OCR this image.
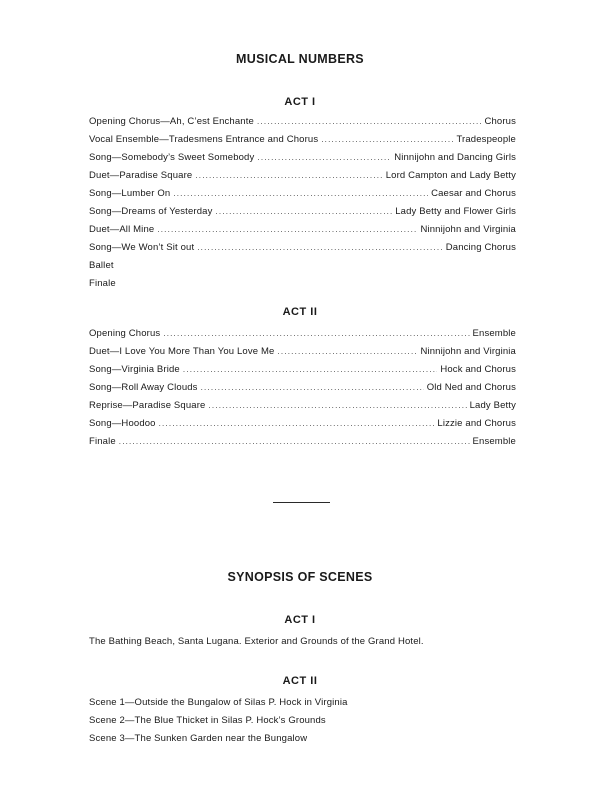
MUSICAL NUMBERS
ACT I
Opening Chorus—Ah, C’est Enchante .....	Chorus
Vocal Ensemble—Tradesmens Entrance and Chorus .....	Tradespeople
Song—Somebody’s Sweet Somebody .....	Ninnijohn and Dancing Girls
Duet—Paradise Square .....	Lord Campton and Lady Betty
Song—Lumber On .....	Caesar and Chorus
Song—Dreams of Yesterday .....	Lady Betty and Flower Girls
Duet—All Mine .....	Ninnijohn and Virginia
Song—We Won’t Sit out .....	Dancing Chorus
Ballet
Finale
ACT II
Opening Chorus .....	Ensemble
Duet—I Love You More Than You Love Me .....	Ninnijohn and Virginia
Song—Virginia Bride .....	Hock and Chorus
Song—Roll Away Clouds .....	Old Ned and Chorus
Reprise—Paradise Square .....	Lady Betty
Song—Hoodoo .....	Lizzie and Chorus
Finale .....	Ensemble
SYNOPSIS OF SCENES
ACT I
The Bathing Beach, Santa Lugana. Exterior and Grounds of the Grand Hotel.
ACT II
Scene 1—Outside the Bungalow of Silas P. Hock in Virginia
Scene 2—The Blue Thicket in Silas P. Hock’s Grounds
Scene 3—The Sunken Garden near the Bungalow
